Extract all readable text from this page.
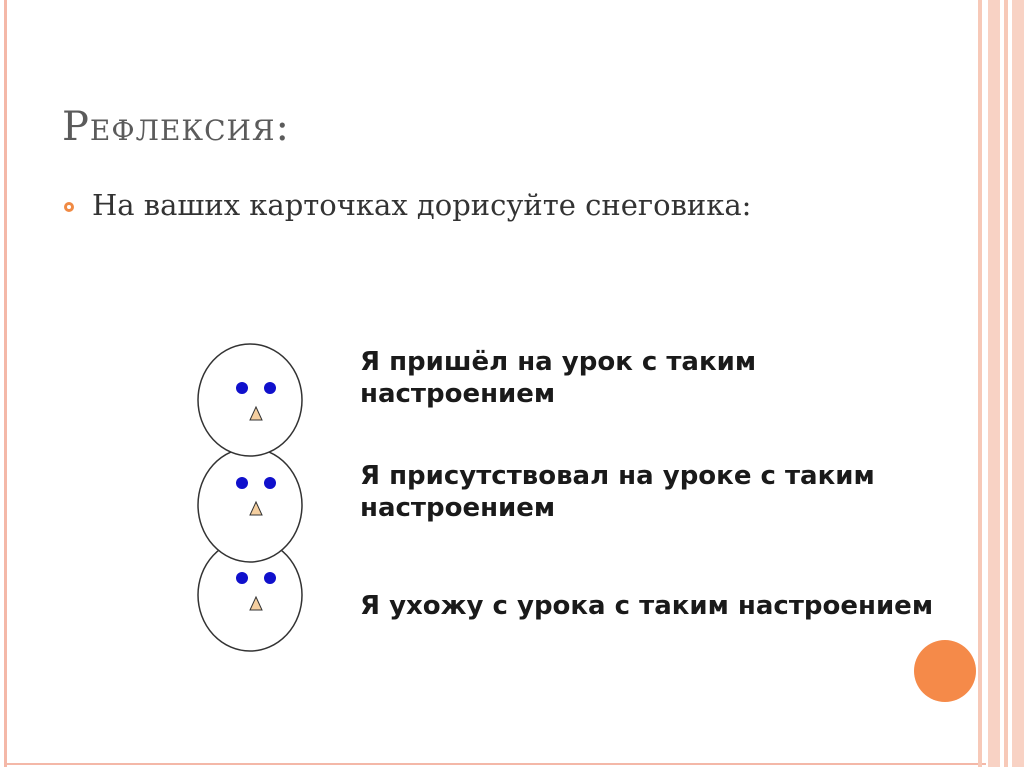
Рефлексия:
На ваших карточках дорисуйте снеговика:
Я пришёл на урок с таким настроением
Я присутствовал на уроке с таким настроением
Я ухожу с урока с таким настроением
